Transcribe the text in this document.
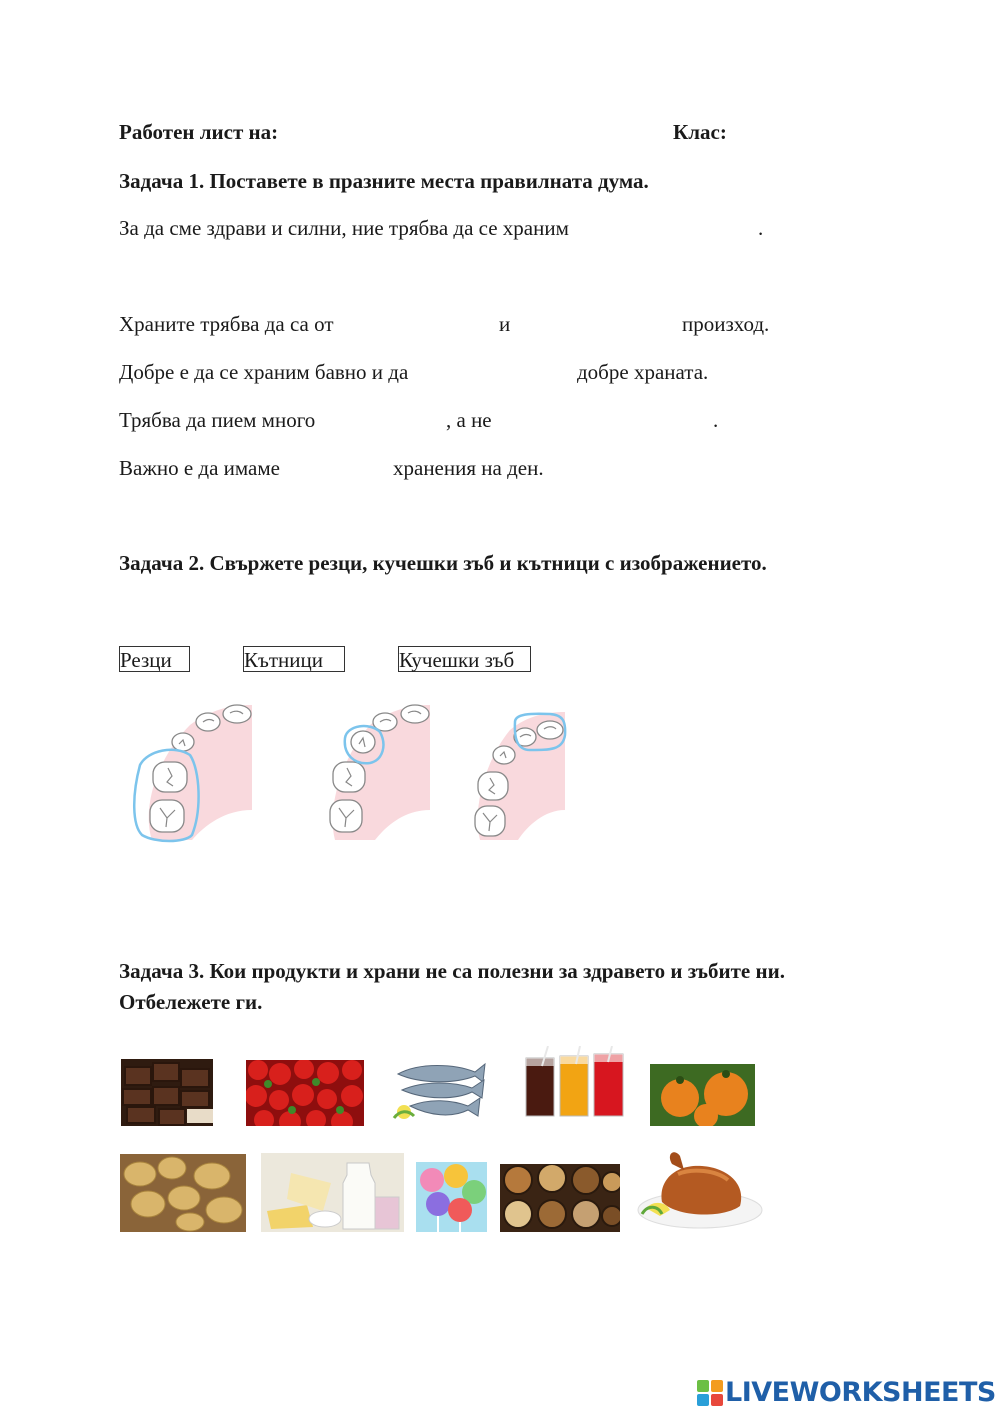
Работен лист на:	Клас:
Задача 1. Поставете в празните места правилната дума.
За да сме здрави и силни, ние трябва да се храним	.
Храните трябва да са от	и	произход.
Добре е да се храним бавно и да	добре храната.
Трябва да пием много	, а не	.
Важно е да имаме	хранения на ден.
Задача 2. Свържете резци, кучешки зъб и кътници с изображението.
Резци	Кътници	Кучешки зъб
Задача 3. Кои продукти и храни не са полезни за здравето и зъбите ни.
Отбележете ги.
LIVEWORKSHEETS
